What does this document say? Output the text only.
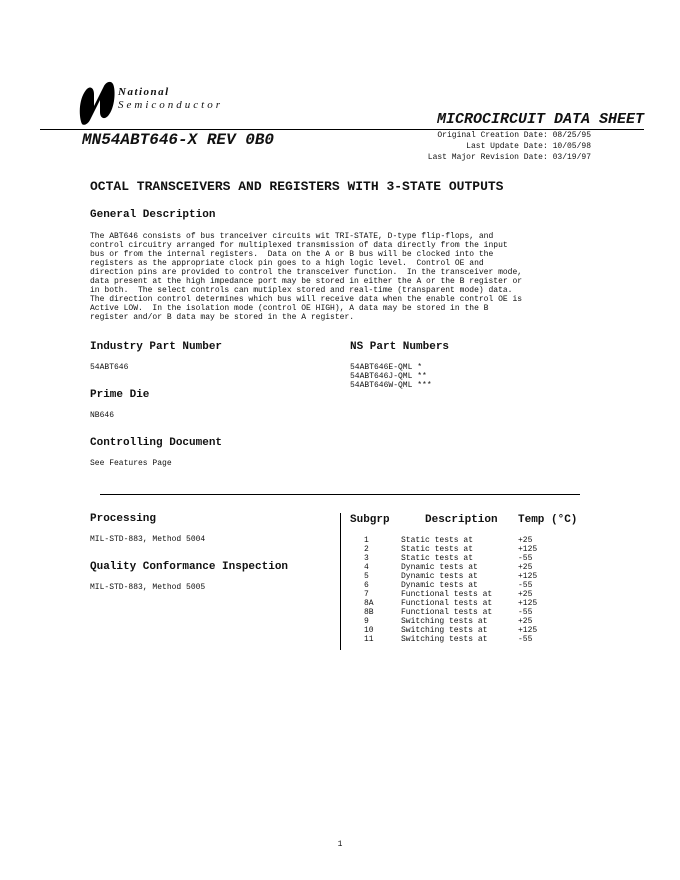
National
Semiconductor
MICROCIRCUIT DATA SHEET
MN54ABT646-X REV 0B0	Original Creation Date: 08/25/95
Last Update Date: 10/05/98
Last Major Revision Date: 03/19/97
OCTAL TRANSCEIVERS AND REGISTERS WITH 3-STATE OUTPUTS
General Description
The ABT646 consists of bus tranceiver circuits wit TRI-STATE, D-type flip-flops, and
control circuitry arranged for multiplexed transmission of data directly from the input
bus or from the internal registers.  Data on the A or B bus will be clocked into the
registers as the appropriate clock pin goes to a high logic level.  Control OE and
direction pins are provided to control the transceiver function.  In the transceiver mode,
data present at the high impedance port may be stored in either the A or the B register or
in both.  The select controls can mutiplex stored and real-time (transparent mode) data.
The direction control determines which bus will receive data when the enable control OE is
Active LOW.  In the isolation mode (control OE HIGH), A data may be stored in the B
register and/or B data may be stored in the A register.
Industry Part Number
54ABT646
NS Part Numbers
54ABT646E-QML *
54ABT646J-QML **
54ABT646W-QML ***
Prime Die
NB646
Controlling Document
See Features Page
Processing
MIL-STD-883, Method 5004
Quality Conformance Inspection
MIL-STD-883, Method 5005
Subgrp	Description Temp (°C)
1	Static tests at	+25
2	Static tests at	+125
3	Static tests at	-55
4	Dynamic tests at	+25
5	Dynamic tests at	+125
6	Dynamic tests at	-55
7	Functional tests at	+25
8A	Functional tests at	+125
8B	Functional tests at	-55
9	Switching tests at	+25
10	Switching tests at	+125
11	Switching tests at	-55
1
